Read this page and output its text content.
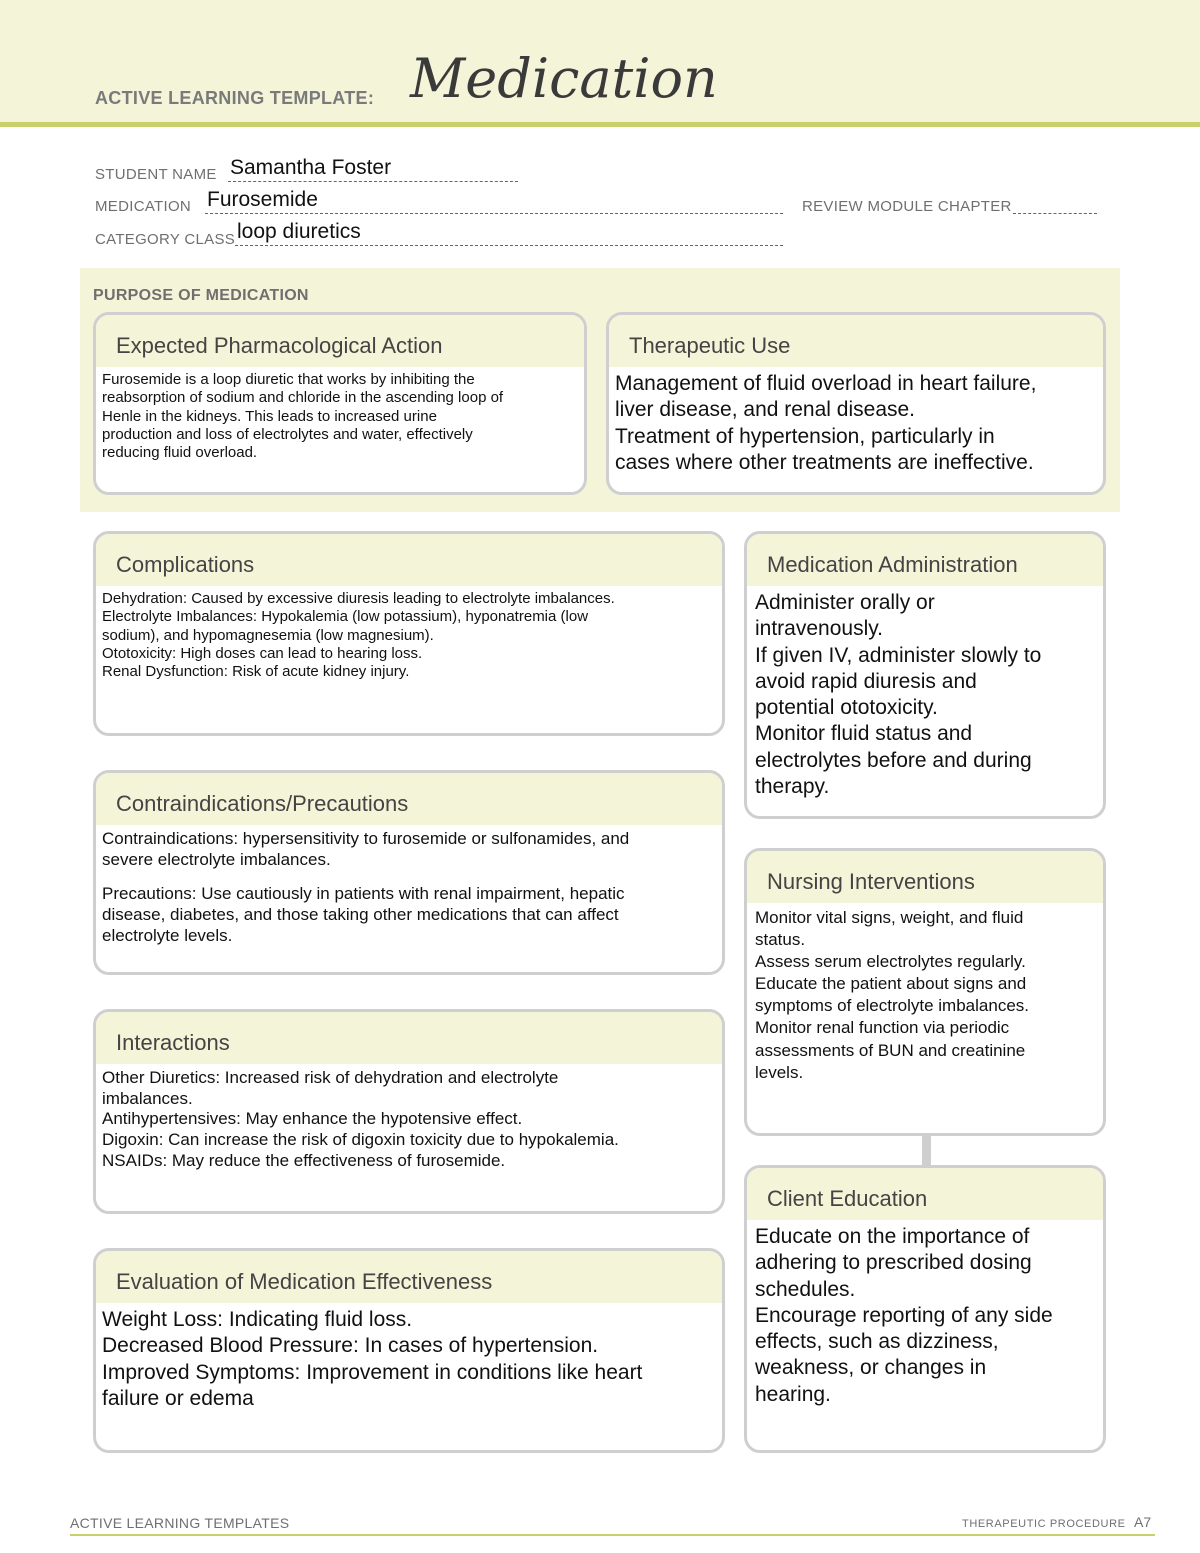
ACTIVE LEARNING TEMPLATE: Medication
STUDENT NAME Samantha Foster
MEDICATION Furosemide	REVIEW MODULE CHAPTER
CATEGORY CLASS loop diuretics
PURPOSE OF MEDICATION
Expected Pharmacological Action
Furosemide is a loop diuretic that works by inhibiting the
reabsorption of sodium and chloride in the ascending loop of
Henle in the kidneys. This leads to increased urine
production and loss of electrolytes and water, effectively
reducing fluid overload.
Therapeutic Use
Management of fluid overload in heart failure,
liver disease, and renal disease.
Treatment of hypertension, particularly in
cases where other treatments are ineffective.
Complications
Dehydration: Caused by excessive diuresis leading to electrolyte imbalances.
Electrolyte Imbalances: Hypokalemia (low potassium), hyponatremia (low
sodium), and hypomagnesemia (low magnesium).
Ototoxicity: High doses can lead to hearing loss.
Renal Dysfunction: Risk of acute kidney injury.
Contraindications/Precautions
Contraindications: hypersensitivity to furosemide or sulfonamides, and
severe electrolyte imbalances.
Precautions: Use cautiously in patients with renal impairment, hepatic
disease, diabetes, and those taking other medications that can affect
electrolyte levels.
Interactions
Other Diuretics: Increased risk of dehydration and electrolyte
imbalances.
Antihypertensives: May enhance the hypotensive effect.
Digoxin: Can increase the risk of digoxin toxicity due to hypokalemia.
NSAIDs: May reduce the effectiveness of furosemide.
Evaluation of Medication Effectiveness
Weight Loss: Indicating fluid loss.
Decreased Blood Pressure: In cases of hypertension.
Improved Symptoms: Improvement in conditions like heart
failure or edema
Medication Administration
Administer orally or
intravenously.
If given IV, administer slowly to
avoid rapid diuresis and
potential ototoxicity.
Monitor fluid status and
electrolytes before and during
therapy.
Nursing Interventions
Monitor vital signs, weight, and fluid
status.
Assess serum electrolytes regularly.
Educate the patient about signs and
symptoms of electrolyte imbalances.
Monitor renal function via periodic
assessments of BUN and creatinine
levels.
Client Education
Educate on the importance of
adhering to prescribed dosing
schedules.
Encourage reporting of any side
effects, such as dizziness,
weakness, or changes in
hearing.
ACTIVE LEARNING TEMPLATES	THERAPEUTIC PROCEDURE A7
